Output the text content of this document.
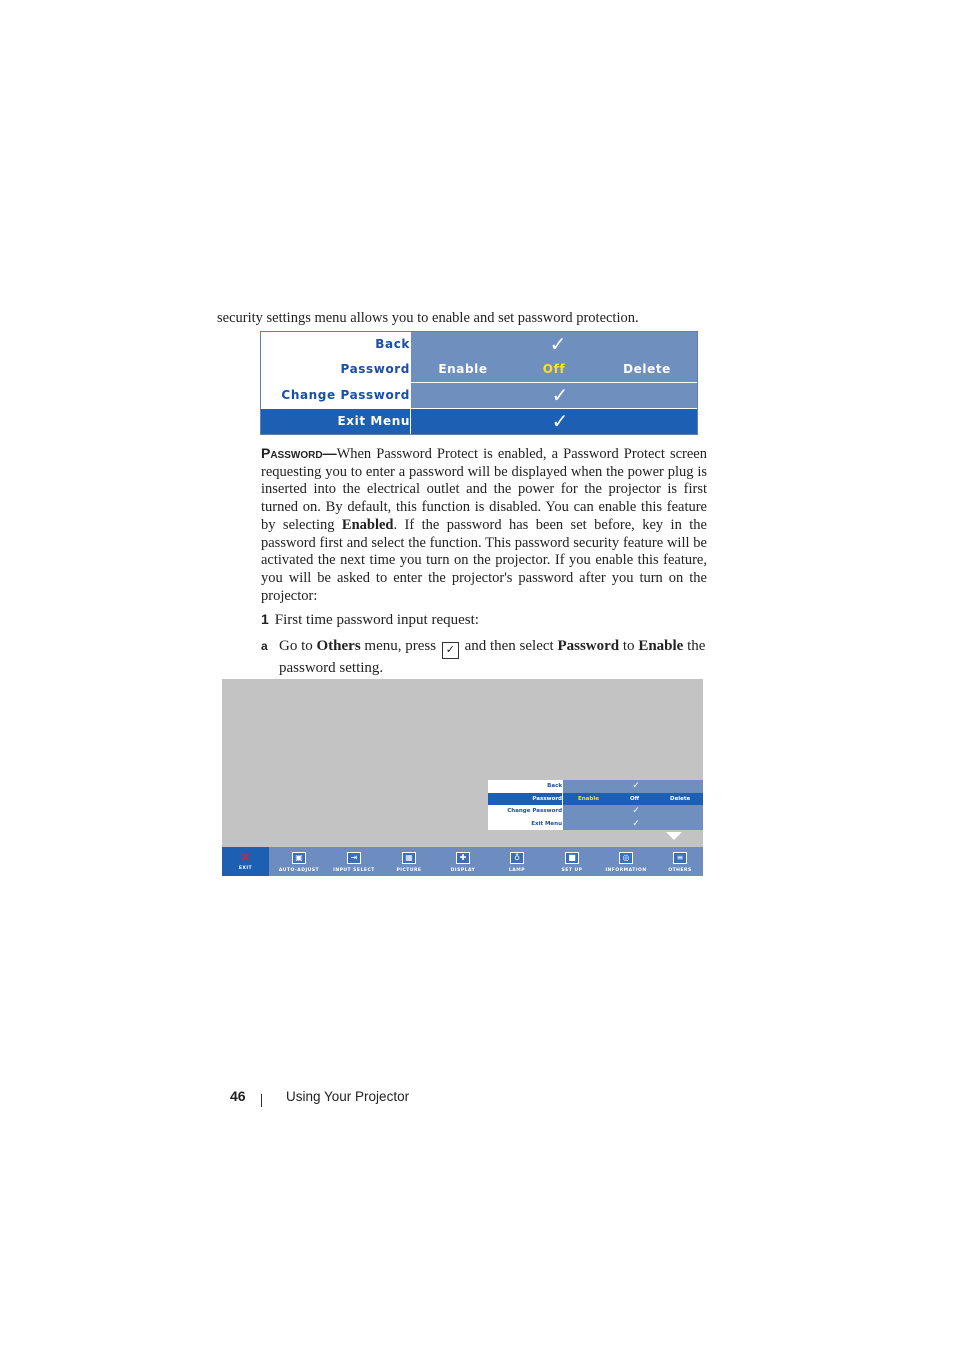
security settings menu allows you to enable and set password protection.
Back	✓
Password Enable	Off	Delete
Change Password	✓
Exit Menu	✓
Password—When Password Protect is enabled, a Password Protect screen requesting you to enter a password will be displayed when the power plug is inserted into the electrical outlet and the power for the projector is first turned on. By default, this function is disabled. You can enable this feature by selecting Enabled. If the password has been set before, key in the password first and select the function. This password security feature will be activated the next time you turn on the projector. If you enable this feature, you will be asked to enter the projector's password after you turn on the projector:
1 First time password input request:
a Go to Others menu, press ✓ and then select Password to Enable the password setting.
Back	✓
Password	Enable	Off	Delete
Change Password	✓
Exit Menu	✓
✕
EXIT
▣
AUTO-ADJUST
⇥
INPUT SELECT
▦
PICTURE
✚
DISPLAY
♁
LAMP
■
SET UP
◎
INFORMATION
≡
OTHERS
46	Using Your Projector
